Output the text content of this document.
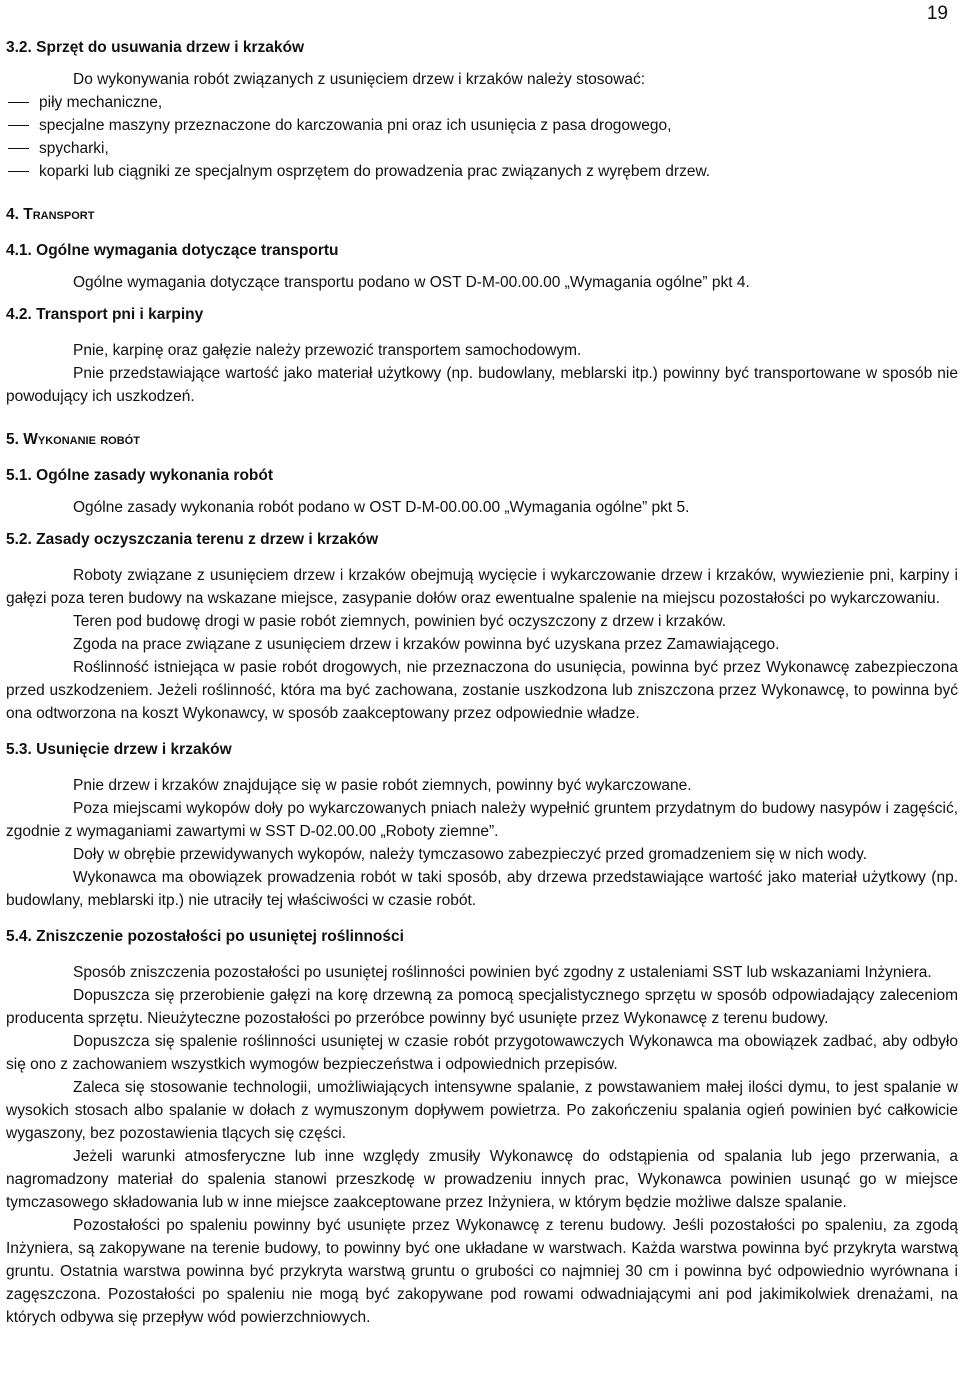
19
3.2. Sprzęt do usuwania drzew i krzaków

Do wykonywania robót związanych z usunięciem drzew i krzaków należy stosować:

piły mechaniczne,
specjalne maszyny przeznaczone do karczowania pni oraz ich usunięcia z pasa drogowego,
spycharki,
koparki lub ciągniki ze specjalnym osprzętem do prowadzenia prac związanych z wyrębem drzew.
4. Transport
4.1. Ogólne wymagania dotyczące transportu

Ogólne wymagania dotyczące transportu podano w OST D-M-00.00.00 „Wymagania ogólne” pkt 4.

4.2. Transport pni i karpiny

Pnie, karpinę oraz gałęzie należy przewozić transportem samochodowym.

Pnie przedstawiające wartość jako materiał użytkowy (np. budowlany, meblarski itp.) powinny być transportowane w sposób nie powodujący ich uszkodzeń.

5. Wykonanie robót
5.1. Ogólne zasady wykonania robót

Ogólne zasady wykonania robót podano w OST D-M-00.00.00 „Wymagania ogólne” pkt 5.

5.2. Zasady oczyszczania terenu z drzew i krzaków

Roboty związane z usunięciem drzew i krzaków obejmują wycięcie i wykarczowanie drzew i krzaków, wywiezienie pni, karpiny i gałęzi poza teren budowy na wskazane miejsce, zasypanie dołów oraz ewentualne spalenie na miejscu pozostałości po wykarczowaniu.

Teren pod budowę drogi w pasie robót ziemnych, powinien być oczyszczony z drzew i krzaków.

Zgoda na prace związane z usunięciem drzew i krzaków powinna być uzyskana przez Zamawiającego.

Roślinność istniejąca w pasie robót drogowych, nie przeznaczona do usunięcia, powinna być przez Wykonawcę zabezpieczona przed uszkodzeniem. Jeżeli roślinność, która ma być zachowana, zostanie uszkodzona lub zniszczona przez Wykonawcę, to powinna być ona odtworzona na koszt Wykonawcy, w sposób zaakceptowany przez odpowiednie władze.

5.3. Usunięcie drzew i krzaków

Pnie drzew i krzaków znajdujące się w pasie robót ziemnych, powinny być wykarczowane.

Poza miejscami wykopów doły po wykarczowanych pniach należy wypełnić gruntem przydatnym do budowy nasypów i zagęścić, zgodnie z wymaganiami zawartymi w SST D-02.00.00 „Roboty ziemne”.

Doły w obrębie przewidywanych wykopów, należy tymczasowo zabezpieczyć przed gromadzeniem się w nich wody.

Wykonawca ma obowiązek prowadzenia robót w taki sposób, aby drzewa przedstawiające wartość jako materiał użytkowy (np. budowlany, meblarski itp.) nie utraciły tej właściwości w czasie robót.

5.4. Zniszczenie pozostałości po usuniętej roślinności

Sposób zniszczenia pozostałości po usuniętej roślinności powinien być zgodny z ustaleniami SST lub wskazaniami Inżyniera.

Dopuszcza się przerobienie gałęzi na korę drzewną za pomocą specjalistycznego sprzętu w sposób odpowiadający zaleceniom producenta sprzętu. Nieużyteczne pozostałości po przeróbce powinny być usunięte przez Wykonawcę z terenu budowy.

Dopuszcza się spalenie roślinności usuniętej w czasie robót przygotowawczych Wykonawca ma obowiązek zadbać, aby odbyło się ono z zachowaniem wszystkich wymogów bezpieczeństwa i odpowiednich przepisów.

Zaleca się stosowanie technologii, umożliwiających intensywne spalanie, z powstawaniem małej ilości dymu, to jest spalanie w wysokich stosach albo spalanie w dołach z wymuszonym dopływem powietrza. Po zakończeniu spalania ogień powinien być całkowicie wygaszony, bez pozostawienia tlących się części.

Jeżeli warunki atmosferyczne lub inne względy zmusiły Wykonawcę do odstąpienia od spalania lub jego przerwania, a nagromadzony materiał do spalenia stanowi przeszkodę w prowadzeniu innych prac, Wykonawca powinien usunąć go w miejsce tymczasowego składowania lub w inne miejsce zaakceptowane przez Inżyniera, w którym będzie możliwe dalsze spalanie.

Pozostałości po spaleniu powinny być usunięte przez Wykonawcę z terenu budowy. Jeśli pozostałości po spaleniu, za zgodą Inżyniera, są zakopywane na terenie budowy, to powinny być one układane w warstwach. Każda warstwa powinna być przykryta warstwą gruntu. Ostatnia warstwa powinna być przykryta warstwą gruntu o grubości co najmniej 30 cm i powinna być odpowiednio wyrównana i zagęszczona. Pozostałości po spaleniu nie mogą być zakopywane pod rowami odwadniającymi ani pod jakimikolwiek drenażami, na których odbywa się przepływ wód powierzchniowych.
